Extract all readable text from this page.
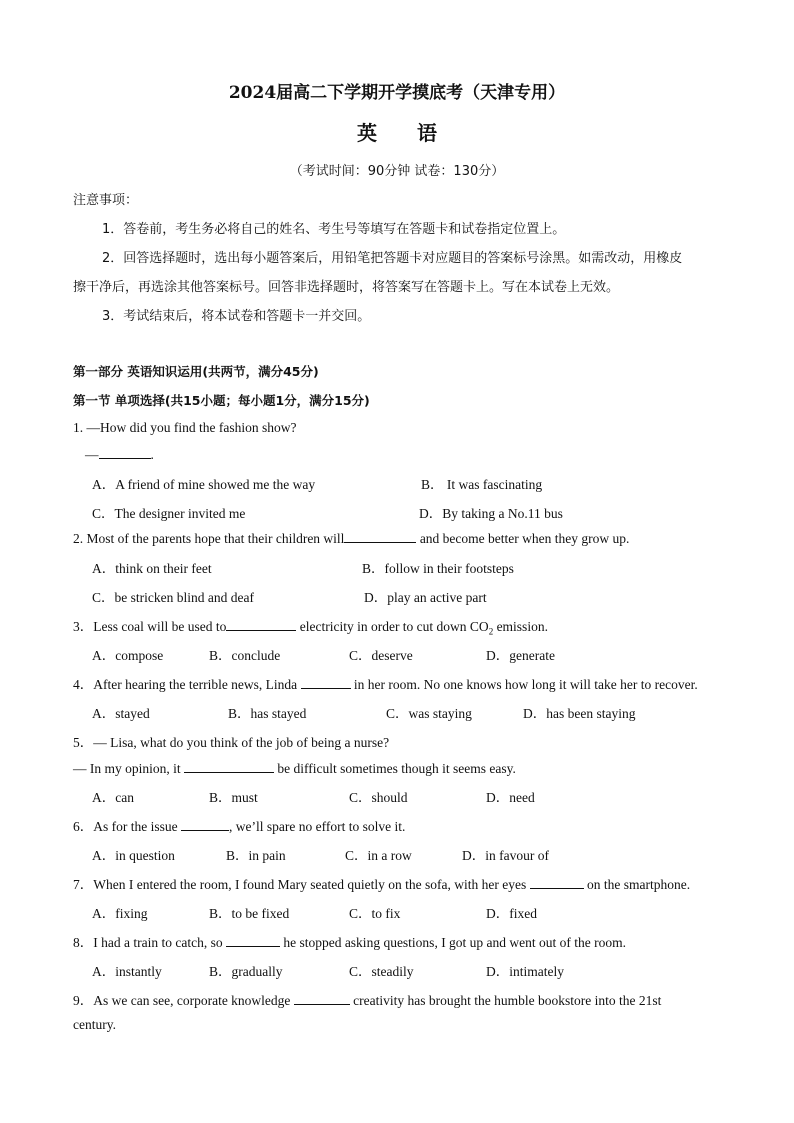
2024届高二下学期开学摸底考（天津专用）
英 语
（考试时间：90分钟 试卷：130分）
注意事项：
1．答卷前，考生务必将自己的姓名、考生号等填写在答题卡和试卷指定位置上。
2．回答选择题时，选出每小题答案后，用铅笔把答题卡对应题目的答案标号涂黑。如需改动，用橡皮
擦干净后，再选涂其他答案标号。回答非选择题时，将答案写在答题卡上。写在本试卷上无效。
3．考试结束后，将本试卷和答题卡一并交回。
第一部分 英语知识运用(共两节，满分45分)
第一节 单项选择(共15小题；每小题1分，满分15分)
1. —How did you find the fashion show?
—	.
A．A friend of mine showed me the way	B． It was fascinating
C．The designer invited me	D．By taking a No.11 bus
2. Most of the parents hope that their children will	and become better when they grow up.
A．think on their feet	B．follow in their footsteps
C．be stricken blind and deaf	D．play an active part
3．Less coal will be used to	electricity in order to cut down $CO_2$ emission.
A．compose	B．conclude	C．deserve	D．generate
4．After hearing the terrible news, Linda	in her room. No one knows how long it will take her to recover.
A．stayed	B．has stayed	C．was staying	D．has been staying
5．— Lisa, what do you think of the job of being a nurse?
— In my opinion, it	be difficult sometimes though it seems easy.
A．can	B．must	C．should	D．need
6．As for the issue	, we’ll spare no effort to solve it.
A．in question	B．in pain	C．in a row	D．in favour of
7．When I entered the room, I found Mary seated quietly on the sofa, with her eyes	on the smartphone.
A．fixing	B．to be fixed	C．to fix	D．fixed
8．I had a train to catch, so	he stopped asking questions, I got up and went out of the room.
A．instantly	B．gradually	C．steadily	D．intimately
9．As we can see, corporate knowledge	creativity has brought the humble bookstore into the 21st
century.
